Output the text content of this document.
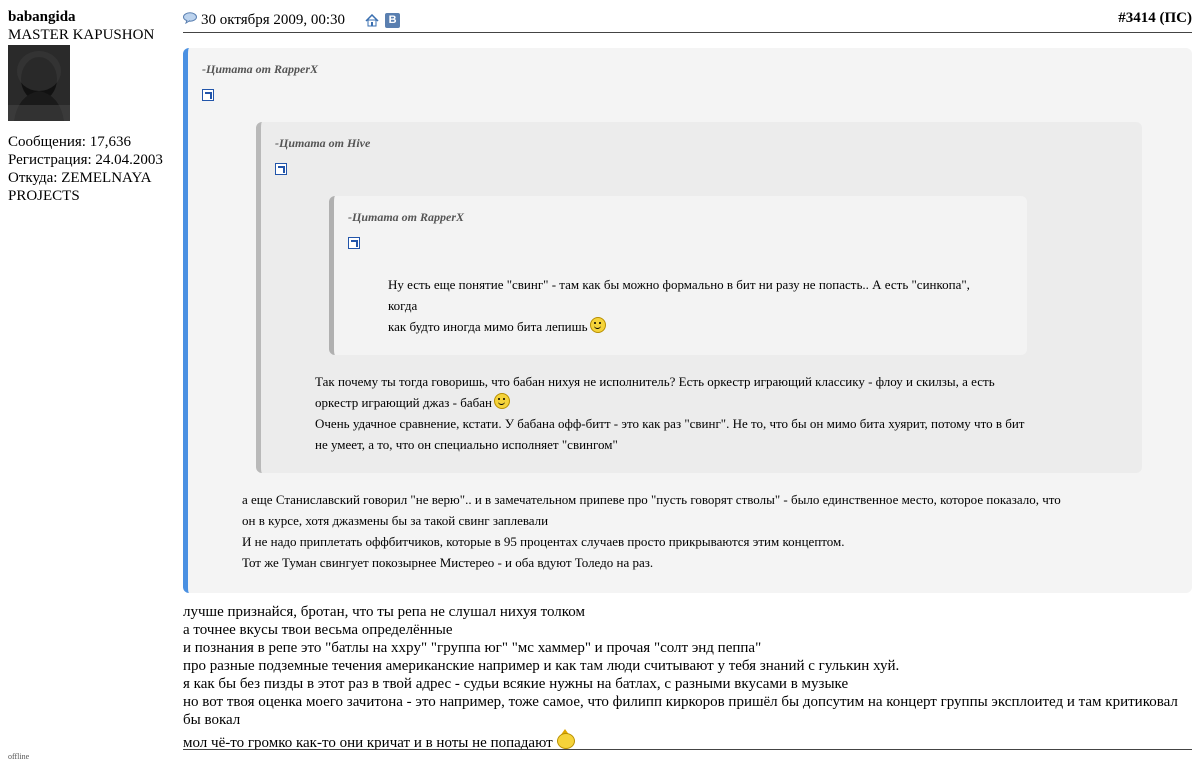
babangida
MASTER KAPUSHON
Сообщения: 17,636
Регистрация: 24.04.2003
Откуда: ZEMELNAYA PROJECTS
offline
30 октября 2009, 00:30	В	#3414 (ПС)
-Цитата от RapperX
-Цитата от Hive
-Цитата от RapperX
Ну есть еще понятие "свинг" - там как бы можно формально в бит ни разу не попасть.. А есть "синкопа", когда
как будто иногда мимо бита лепишь
Так почему ты тогда говоришь, что бабан нихуя не исполнитель? Есть оркестр играющий классику - флоу и скилзы, а есть
оркестр играющий джаз - бабан
Очень удачное сравнение, кстати. У бабана офф-битт - это как раз "свинг". Не то, что бы он мимо бита хуярит, потому что в бит
не умеет, а то, что он специально исполняет "свингом"
а еще Станиславский говорил "не верю".. и в замечательном припеве про "пусть говорят стволы" - было единственное место, которое показало, что
он в курсе, хотя джазмены бы за такой свинг заплевали
И не надо приплетать оффбитчиков, которые в 95 процентах случаев просто прикрываются этим концептом.
Тот же Туман свингует покозырнее Мистерео - и оба вдуют Толедо на раз.
лучше признайся, бротан, что ты репа не слушал нихуя толком
а точнее вкусы твои весьма определённые
и познания в репе это "батлы на xxpy" "группа юг" "мс хаммер" и прочая "солт энд пеппа"
про разные подземные течения американские например и как там люди считывают у тебя знаний с гулькин хуй.
я как бы без пизды в этот раз в твой адрес - судьи всякие нужны на батлах, с разными вкусами в музыке
но вот твоя оценка моего зачитона - это например, тоже самое, что филипп киркоров пришёл бы допсутим на концерт группы эксплоитед и там критиковал бы вокал
мол чё-то громко как-то они кричат и в ноты не попадают
